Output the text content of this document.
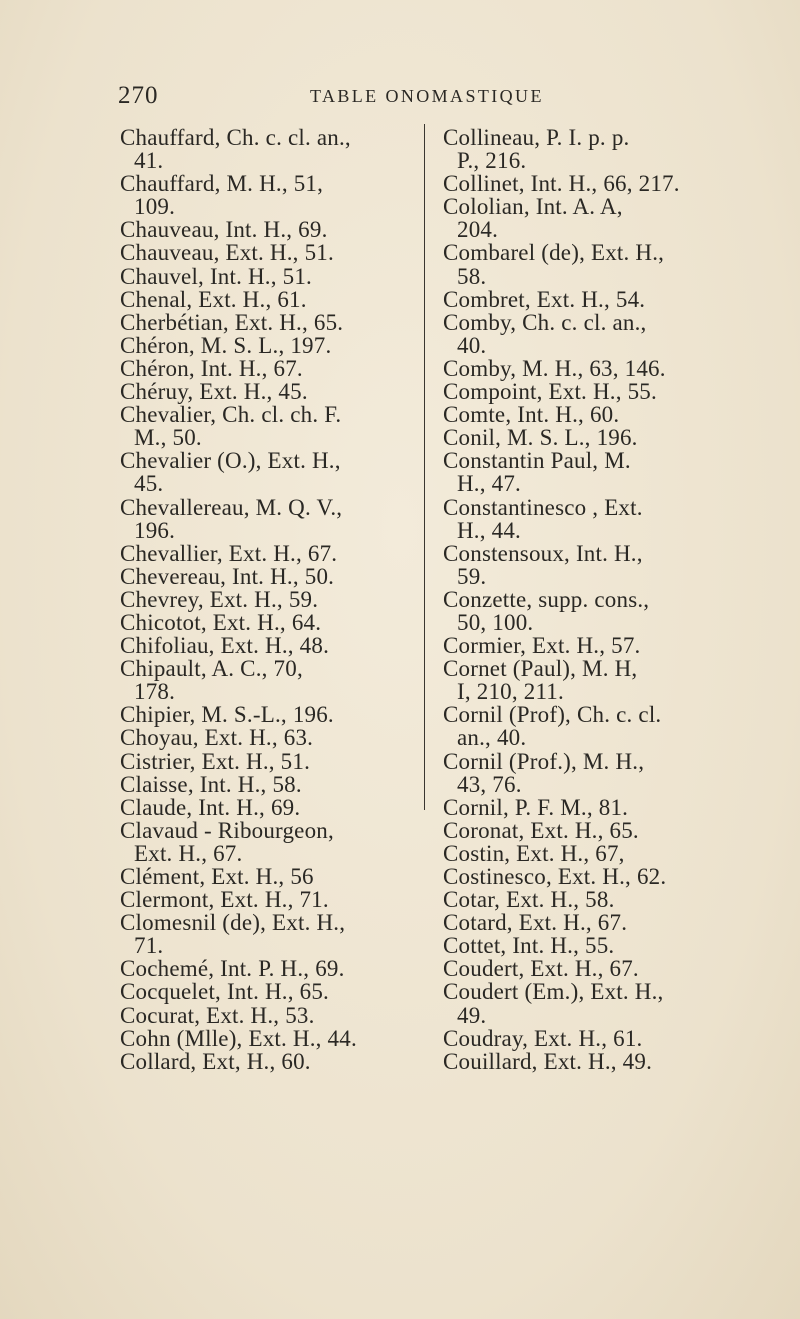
270	TABLE ONOMASTIQUE
Chauffard, Ch. c. cl. an.,
41.
Chauffard, M. H., 51,
109.
Chauveau, Int. H., 69.
Chauveau, Ext. H., 51.
Chauvel, Int. H., 51.
Chenal, Ext. H., 61.
Cherbétian, Ext. H., 65.
Chéron, M. S. L., 197.
Chéron, Int. H., 67.
Chéruy, Ext. H., 45.
Chevalier, Ch. cl. ch. F.
M., 50.
Chevalier (O.), Ext. H.,
45.
Chevallereau, M. Q. V.,
196.
Chevallier, Ext. H., 67.
Chevereau, Int. H., 50.
Chevrey, Ext. H., 59.
Chicotot, Ext. H., 64.
Chifoliau, Ext. H., 48.
Chipault, A. C., 70,
178.
Chipier, M. S.-L., 196.
Choyau, Ext. H., 63.
Cistrier, Ext. H., 51.
Claisse, Int. H., 58.
Claude, Int. H., 69.
Clavaud - Ribourgeon,
Ext. H., 67.
Clément, Ext. H., 56
Clermont, Ext. H., 71.
Clomesnil (de), Ext. H.,
71.
Cochemé, Int. P. H., 69.
Cocquelet, Int. H., 65.
Cocurat, Ext. H., 53.
Cohn (Mlle), Ext. H., 44.
Collard, Ext, H., 60.
Collineau, P. I. p. p.
P., 216.
Collinet, Int. H., 66, 217.
Cololian, Int. A. A,
204.
Combarel (de), Ext. H.,
58.
Combret, Ext. H., 54.
Comby, Ch. c. cl. an.,
40.
Comby, M. H., 63, 146.
Compoint, Ext. H., 55.
Comte, Int. H., 60.
Conil, M. S. L., 196.
Constantin Paul, M.
H., 47.
Constantinesco , Ext.
H., 44.
Constensoux, Int. H.,
59.
Conzette, supp. cons.,
50, 100.
Cormier, Ext. H., 57.
Cornet (Paul), M. H,
I, 210, 211.
Cornil (Prof), Ch. c. cl.
an., 40.
Cornil (Prof.), M. H.,
43, 76.
Cornil, P. F. M., 81.
Coronat, Ext. H., 65.
Costin, Ext. H., 67,
Costinesco, Ext. H., 62.
Cotar, Ext. H., 58.
Cotard, Ext. H., 67.
Cottet, Int. H., 55.
Coudert, Ext. H., 67.
Coudert (Em.), Ext. H.,
49.
Coudray, Ext. H., 61.
Couillard, Ext. H., 49.
